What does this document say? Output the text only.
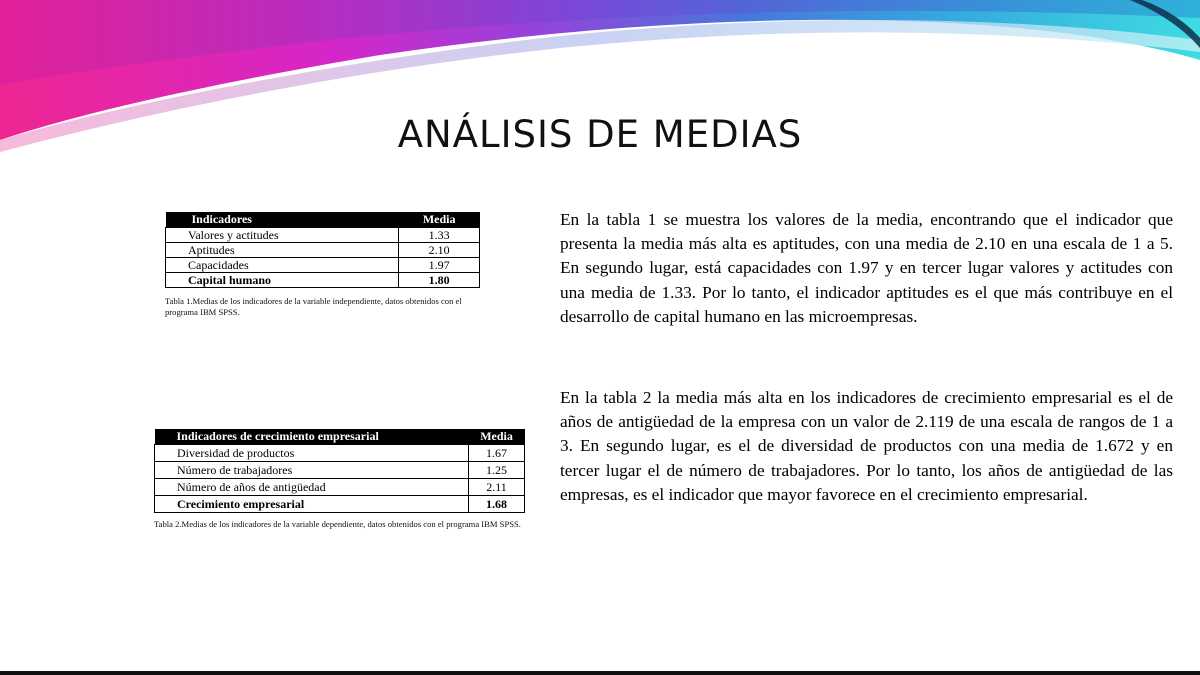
ANÁLISIS DE MEDIAS
Indicadores	Media
Valores y actitudes	1.33
Aptitudes	2.10
Capacidades	1.97
Capital humano	1.80
Tabla 1.Medias de los indicadores de la variable independiente, datos obtenidos con el programa IBM SPSS.
Indicadores de crecimiento empresarial	Media
Diversidad de productos	1.67
Número de trabajadores	1.25
Número de años de antigüedad	2.11
Crecimiento empresarial	1.68
Tabla 2.Medias de los indicadores de la variable dependiente, datos obtenidos con el programa IBM SPSS.

En la tabla 1 se muestra los valores de la media, encontrando que el indicador que presenta la media más alta es aptitudes, con una media de 2.10 en una escala de 1 a 5. En segundo lugar, está capacidades con 1.97 y en tercer lugar valores y actitudes con una media de 1.33. Por lo tanto, el indicador aptitudes es el que más contribuye en el desarrollo de capital humano en las microempresas.

En la tabla 2 la media más alta en los indicadores de crecimiento empresarial es el de años de antigüedad de la empresa con un valor de 2.119 de una escala de rangos de 1 a 3. En segundo lugar, es el de diversidad de productos con una media de 1.672 y en tercer lugar el de número de trabajadores. Por lo tanto, los años de antigüedad de las empresas, es el indicador que mayor favorece en el crecimiento empresarial.
